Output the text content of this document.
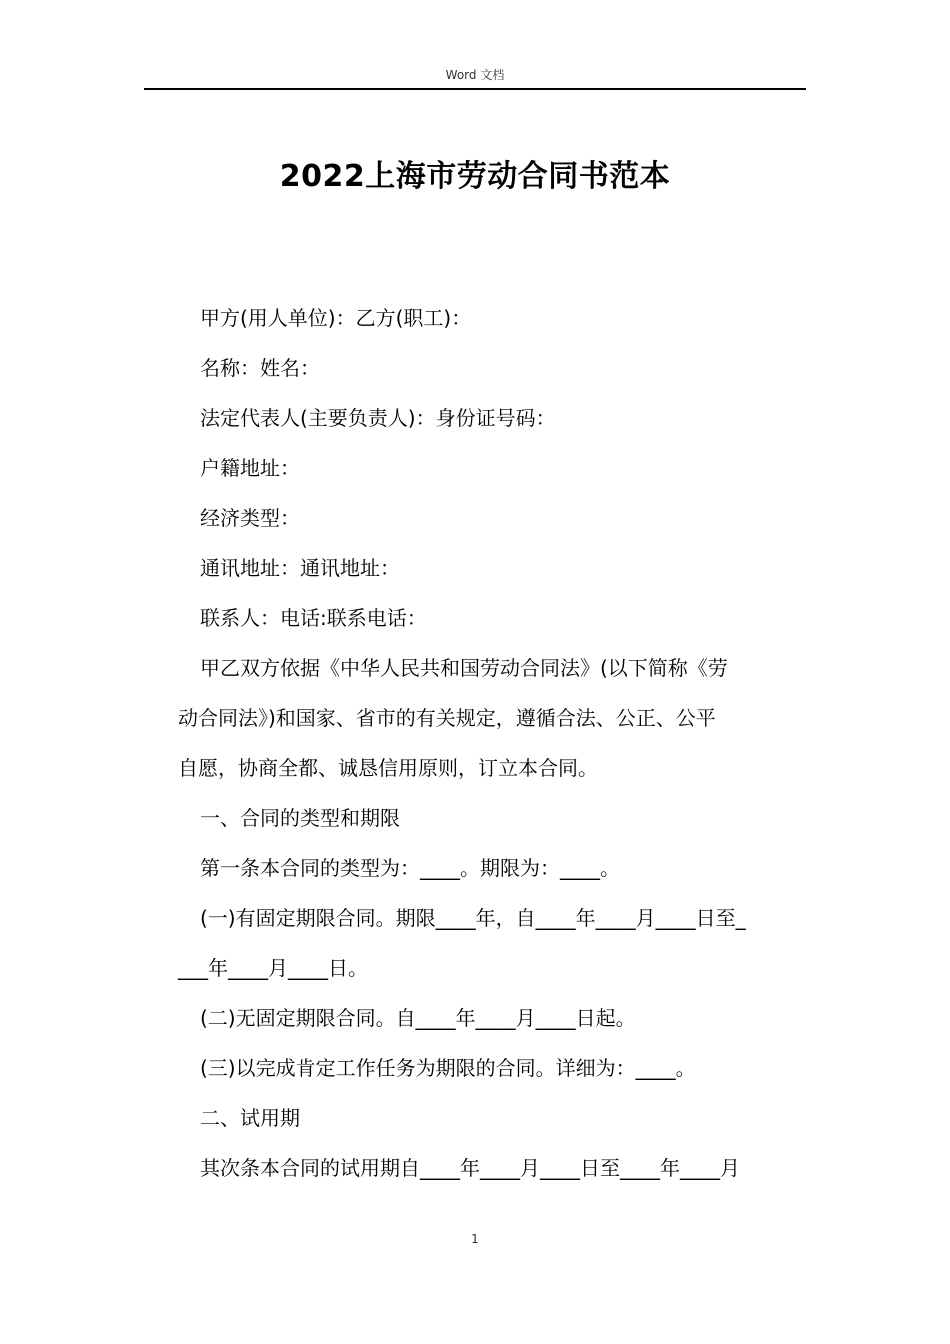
Word 文档
2022上海市劳动合同书范本

甲方(用人单位)：乙方(职工)：

名称：姓名：

法定代表人(主要负责人)：身份证号码：

户籍地址：

经济类型：

通讯地址：通讯地址：

联系人：电话:联系电话：

甲乙双方依据《中华人民共和国劳动合同法》(以下简称《劳

动合同法》)和国家、省市的有关规定，遵循合法、公正、公平

自愿，协商全都、诚恳信用原则，订立本合同。

一、合同的类型和期限

第一条本合同的类型为：____。期限为：____。

(一)有固定期限合同。期限____年，自____年____月____日至_

___年____月____日。

(二)无固定期限合同。自____年____月____日起。

(三)以完成肯定工作任务为期限的合同。详细为：____。

二、试用期

其次条本合同的试用期自____年____月____日至____年____月

1
